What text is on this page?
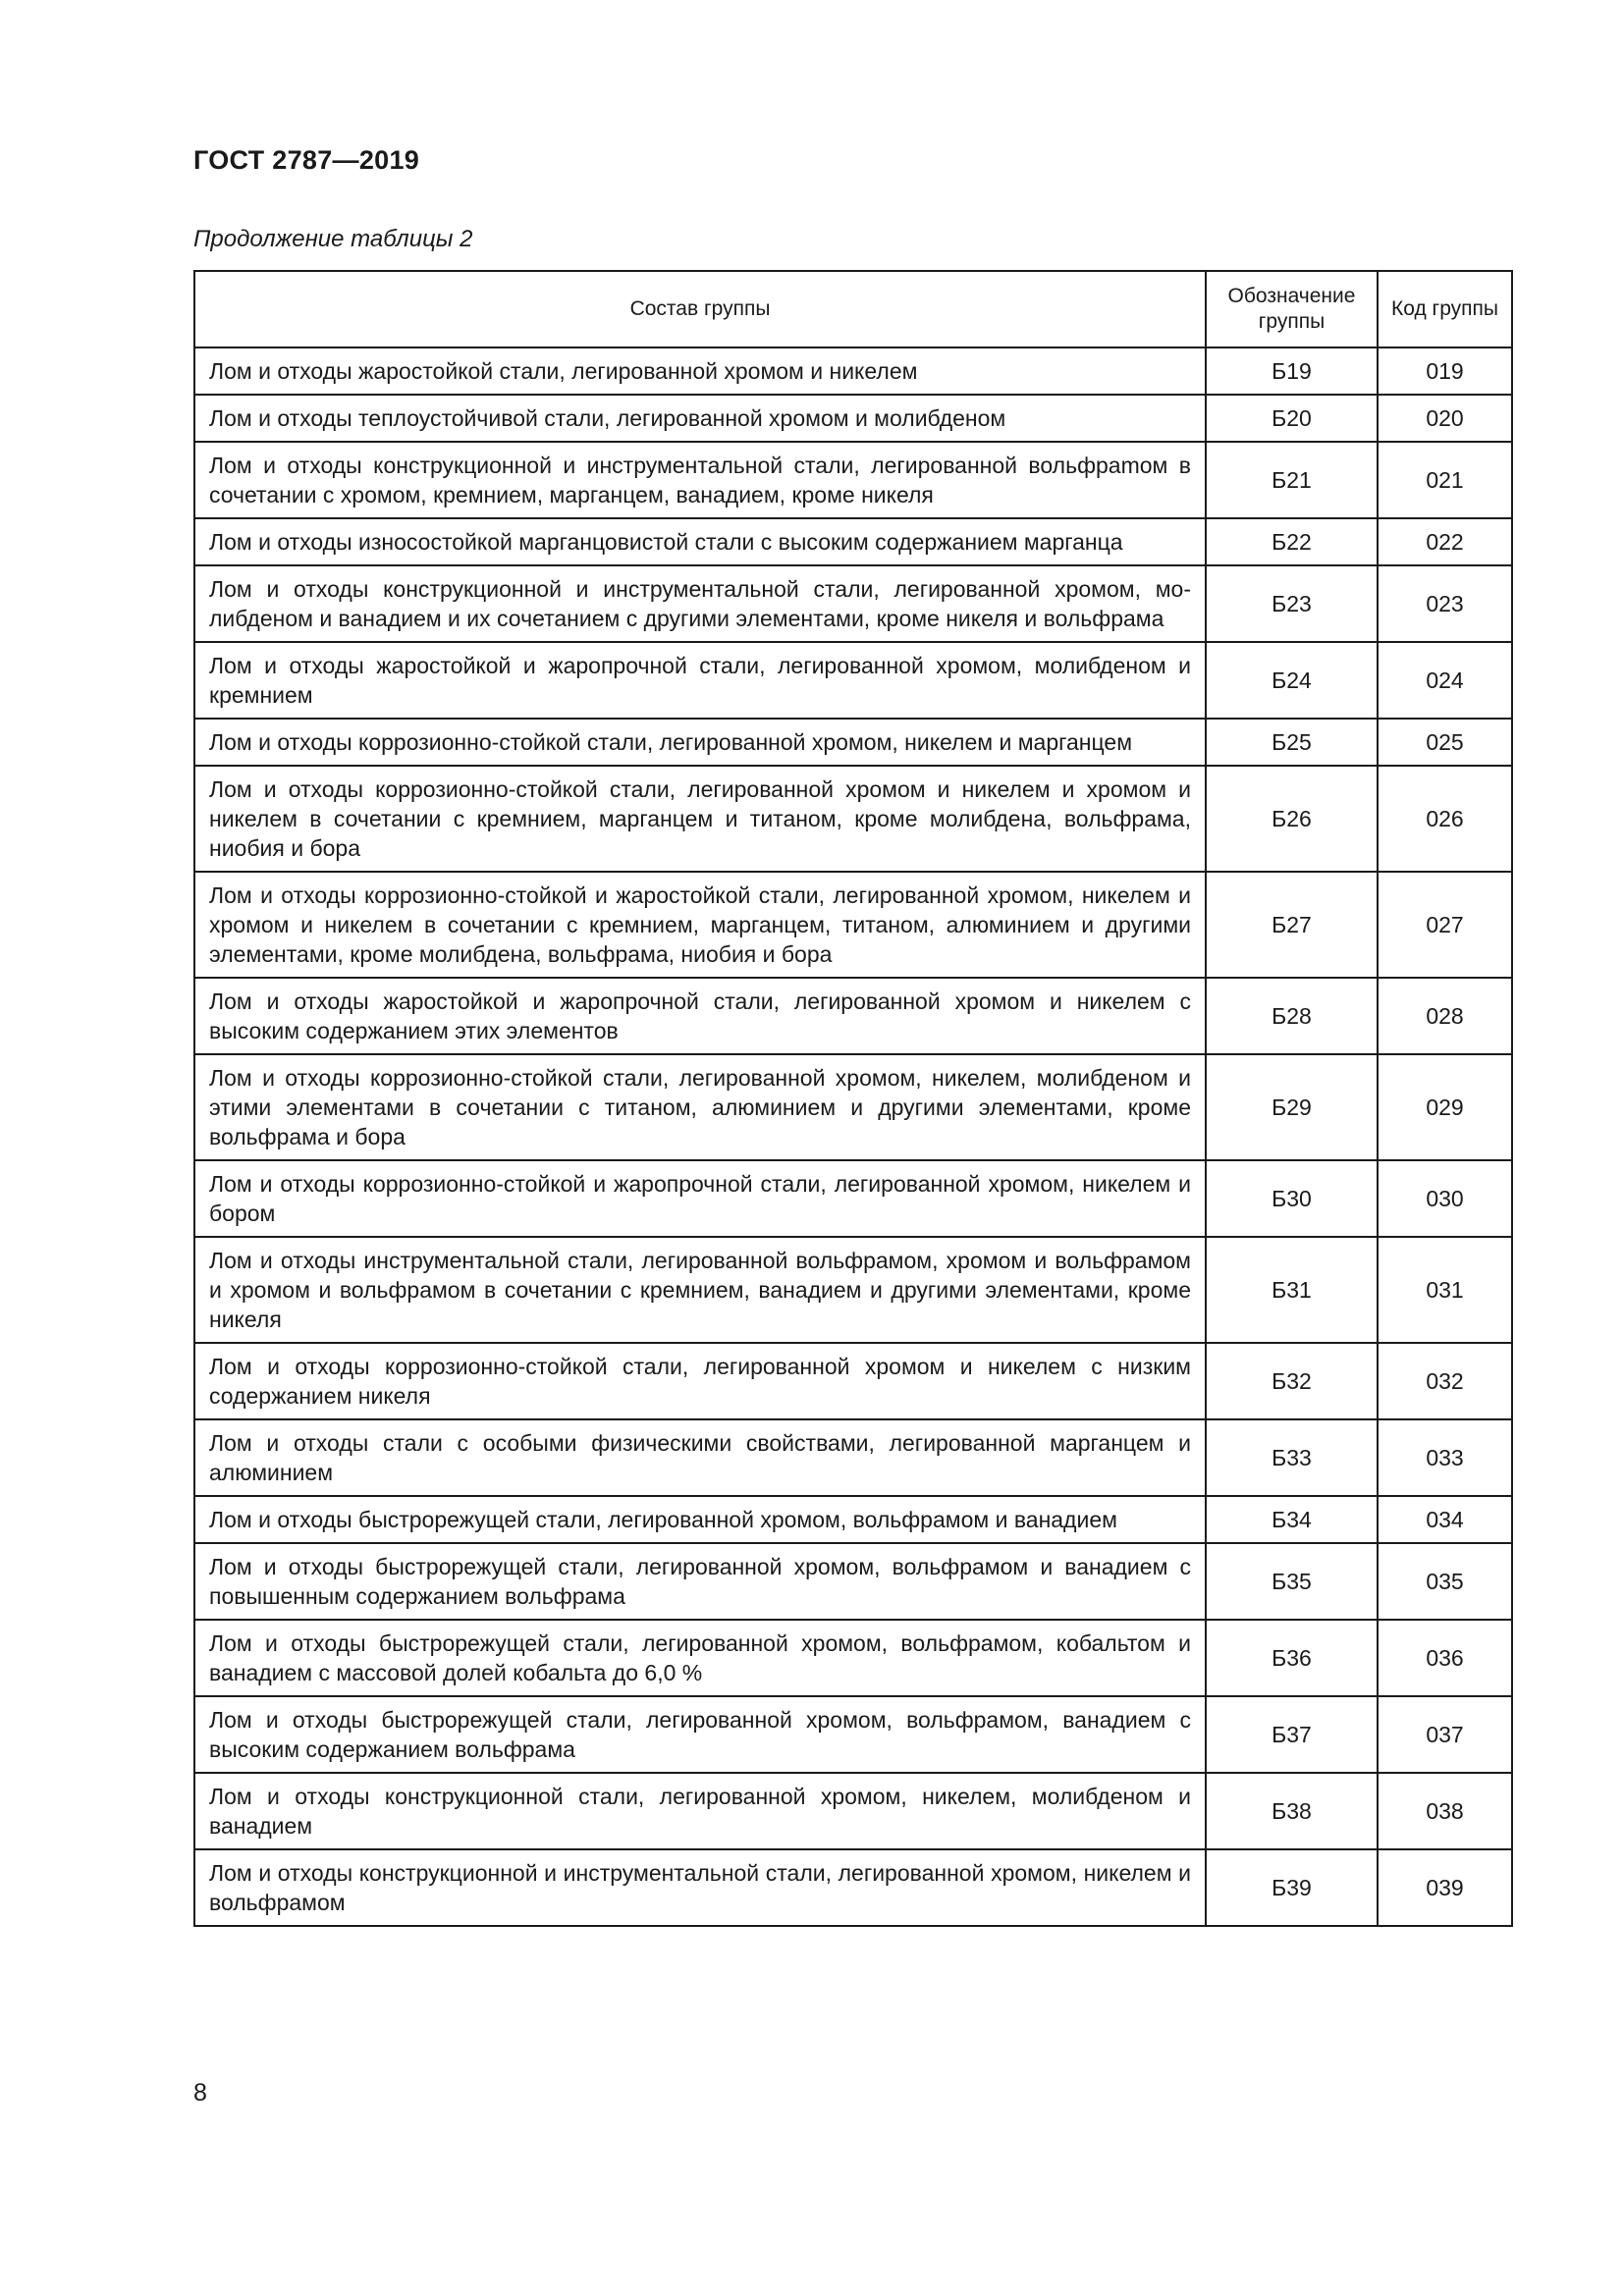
ГОСТ 2787—2019
Продолжение таблицы 2
Состав группы	Обозначение группы	Код группы
Лом и отходы жаростойкой стали, легированной хромом и никелем	Б19	019
Лом и отходы теплоустойчивой стали, легированной хромом и молибденом	Б20	020
Лом и отходы конструкционной и инструментальной стали, легированной вольфраmом в сочетании с хромом, кремнием, марганцем, ванадием, кроме никеля	Б21	021
Лом и отходы износостойкой марганцовистой стали с высоким содержанием марганца	Б22	022
Лом и отходы конструкционной и инструментальной стали, легированной хромом, молибденом и ванадием и их сочетанием с другими элементами, кроме никеля и вольфрама	Б23	023
Лом и отходы жаростойкой и жаропрочной стали, легированной хромом, молибденом и кремнием	Б24	024
Лом и отходы коррозионно-стойкой стали, легированной хромом, никелем и марганцем	Б25	025
Лом и отходы коррозионно-стойкой стали, легированной хромом и никелем и хромом и никелем в сочетании с кремнием, марганцем и титаном, кроме молибдена, вольфрама, ниобия и бора	Б26	026
Лом и отходы коррозионно-стойкой и жаростойкой стали, легированной хромом, никелем и хромом и никелем в сочетании с кремнием, марганцем, титаном, алюминием и другими элементами, кроме молибдена, вольфрама, ниобия и бора	Б27	027
Лом и отходы жаростойкой и жаропрочной стали, легированной хромом и никелем с высоким содержанием этих элементов	Б28	028
Лом и отходы коррозионно-стойкой стали, легированной хромом, никелем, молибденом и этими элементами в сочетании с титаном, алюминием и другими элементами, кроме вольфрама и бора	Б29	029
Лом и отходы коррозионно-стойкой и жаропрочной стали, легированной хромом, никелем и бором	Б30	030
Лом и отходы инструментальной стали, легированной вольфрамом, хромом и вольфрамом и хромом и вольфрамом в сочетании с кремнием, ванадием и другими элементами, кроме никеля	Б31	031
Лом и отходы коррозионно-стойкой стали, легированной хромом и никелем с низким содержанием никеля	Б32	032
Лом и отходы стали с особыми физическими свойствами, легированной марганцем и алюминием	Б33	033
Лом и отходы быстрорежущей стали, легированной хромом, вольфрамом и ванадием	Б34	034
Лом и отходы быстрорежущей стали, легированной хромом, вольфрамом и ванадием с повышенным содержанием вольфрама	Б35	035
Лом и отходы быстрорежущей стали, легированной хромом, вольфрамом, кобальтом и ванадием с массовой долей кобальта до 6,0 %	Б36	036
Лом и отходы быстрорежущей стали, легированной хромом, вольфрамом, ванадием с высоким содержанием вольфрама	Б37	037
Лом и отходы конструкционной стали, легированной хромом, никелем, молибденом и ванадием	Б38	038
Лом и отходы конструкционной и инструментальной стали, легированной хромом, никелем и вольфрамом	Б39	039
8
